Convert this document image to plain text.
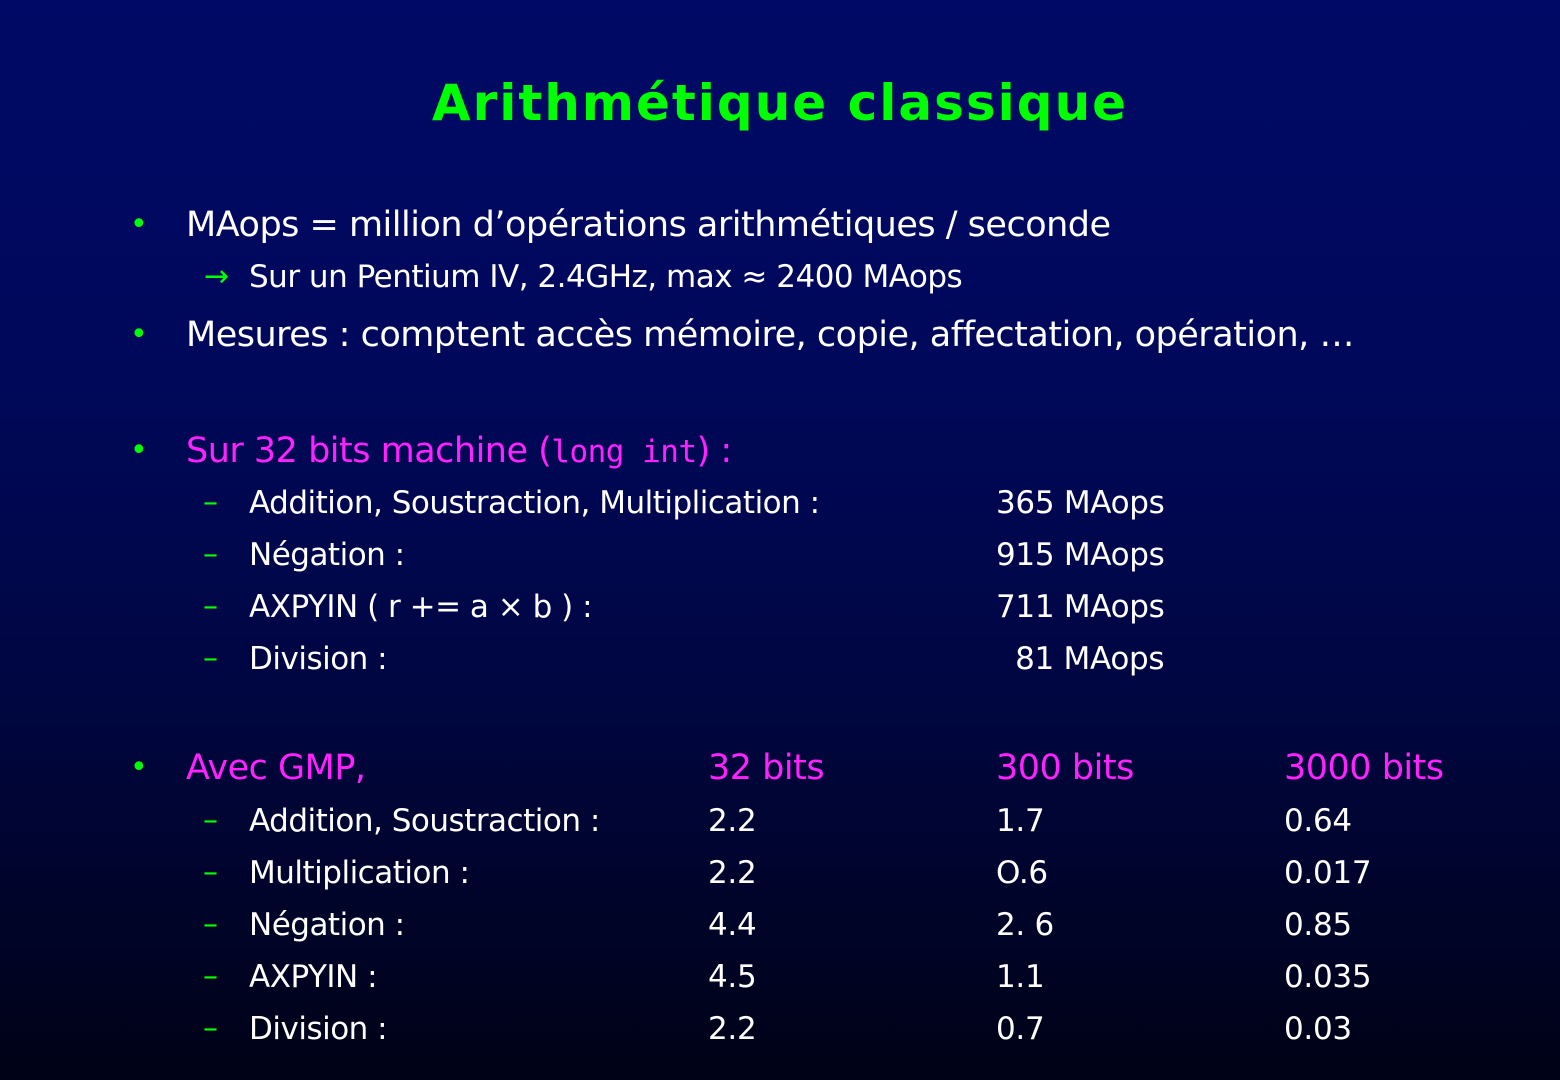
Arithmétique classique
•	MAops = million d’opérations arithmétiques / seconde
→ Sur un Pentium IV, 2.4GHz, max ≈ 2400 MAops
•	Mesures : comptent accès mémoire, copie, affectation, opération, …
•	Sur 32 bits machine (long int) :
– Addition, Soustraction, Multiplication :	365 MAops
– Négation :	915 MAops
– AXPYIN ( r += a × b ) :	711 MAops
– Division :	81 MAops
•	Avec GMP,	32 bits	300 bits	3000 bits
– Addition, Soustraction :	2.2	1.7	0.64
– Multiplication :	2.2	O.6	0.017
– Négation :	4.4	2. 6	0.85
– AXPYIN :	4.5	1.1	0.035
– Division :	2.2	0.7	0.03
